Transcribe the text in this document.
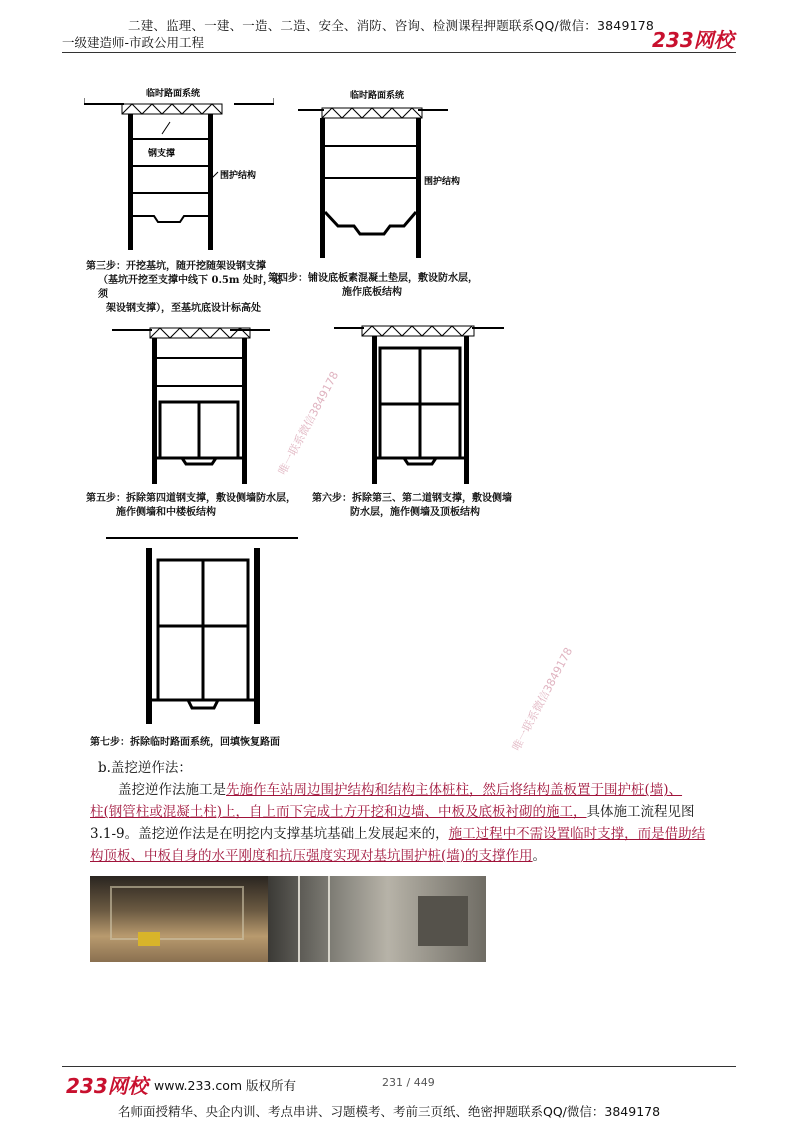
二建、监理、一建、一造、二造、安全、消防、咨询、检测课程押题联系QQ/微信：3849178
一级建造师-市政公用工程	233网校
临时路面系统
钢支撑
围护结构
第三步：开挖基坑，随开挖随架设钢支撑
（基坑开挖至支撑中线下 0.5m 处时，必须
架设钢支撑），至基坑底设计标高处
临时路面系统
围护结构
第四步：铺设底板素混凝土垫层，敷设防水层，
施作底板结构
第五步：拆除第四道钢支撑，敷设侧墙防水层，
施作侧墙和中楼板结构
第六步：拆除第三、第二道钢支撑，敷设侧墙
防水层，施作侧墙及顶板结构
第七步：拆除临时路面系统，回填恢复路面
唯一联系微信3849178
唯一联系微信3849178
b.盖挖逆作法：
盖挖逆作法施工是先施作车站周边围护结构和结构主体桩柱，然后将结构盖板置于围护桩(墙)、
柱(钢管柱或混凝土柱)上，自上而下完成土方开挖和边墙、中板及底板衬砌的施工，具体施工流程见图
3.1-9。盖挖逆作法是在明挖内支撑基坑基础上发展起来的，施工过程中不需设置临时支撑，而是借助结
构顶板、中板自身的水平刚度和抗压强度实现对基坑围护桩(墙)的支撑作用。
233网校 www.233.com 版权所有	231 / 449
名师面授精华、央企内训、考点串讲、习题模考、考前三页纸、绝密押题联系QQ/微信：3849178
